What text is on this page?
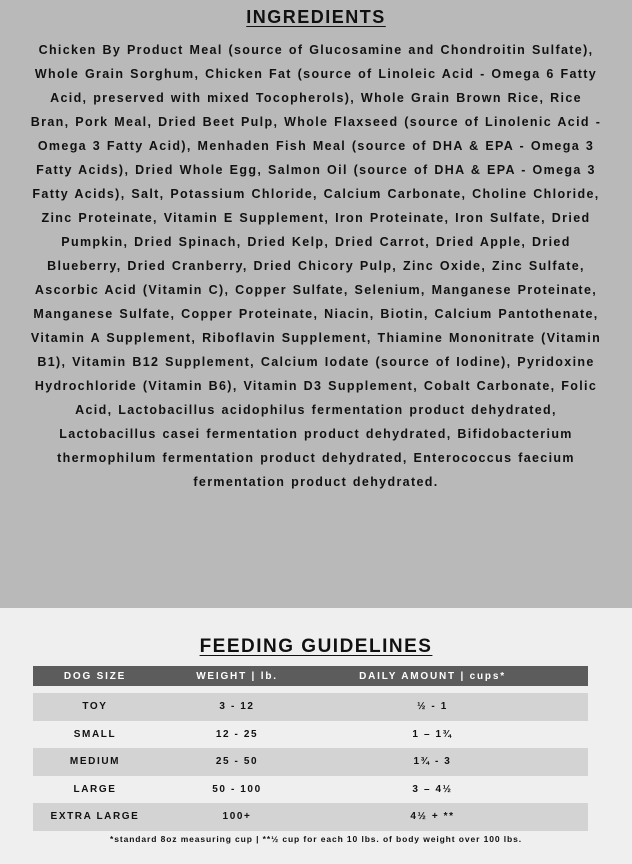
INGREDIENTS
Chicken By Product Meal (source of Glucosamine and Chondroitin Sulfate), Whole Grain Sorghum, Chicken Fat (source of Linoleic Acid - Omega 6 Fatty Acid, preserved with mixed Tocopherols), Whole Grain Brown Rice, Rice Bran, Pork Meal, Dried Beet Pulp, Whole Flaxseed (source of Linolenic Acid - Omega 3 Fatty Acid), Menhaden Fish Meal (source of DHA & EPA - Omega 3 Fatty Acids), Dried Whole Egg, Salmon Oil (source of DHA & EPA - Omega 3 Fatty Acids), Salt, Potassium Chloride, Calcium Carbonate, Choline Chloride, Zinc Proteinate, Vitamin E Supplement, Iron Proteinate, Iron Sulfate, Dried Pumpkin, Dried Spinach, Dried Kelp, Dried Carrot, Dried Apple, Dried Blueberry, Dried Cranberry, Dried Chicory Pulp, Zinc Oxide, Zinc Sulfate, Ascorbic Acid (Vitamin C), Copper Sulfate, Selenium, Manganese Proteinate, Manganese Sulfate, Copper Proteinate, Niacin, Biotin, Calcium Pantothenate, Vitamin A Supplement, Riboflavin Supplement, Thiamine Mononitrate (Vitamin B1), Vitamin B12 Supplement, Calcium Iodate (source of Iodine), Pyridoxine Hydrochloride (Vitamin B6), Vitamin D3 Supplement, Cobalt Carbonate, Folic Acid, Lactobacillus acidophilus fermentation product dehydrated, Lactobacillus casei fermentation product dehydrated, Bifidobacterium thermophilum fermentation product dehydrated, Enterococcus faecium fermentation product dehydrated.
FEEDING GUIDELINES
DOG SIZE	WEIGHT | lb.	DAILY AMOUNT | cups*
TOY	3 - 12	½ - 1
SMALL	12 - 25	1 – 1¾
MEDIUM	25 - 50	1¾ - 3
LARGE	50 - 100	3 – 4½
EXTRA LARGE	100+	4½ + **
*standard 8oz measuring cup | **½ cup for each 10 lbs. of body weight over 100 lbs.
